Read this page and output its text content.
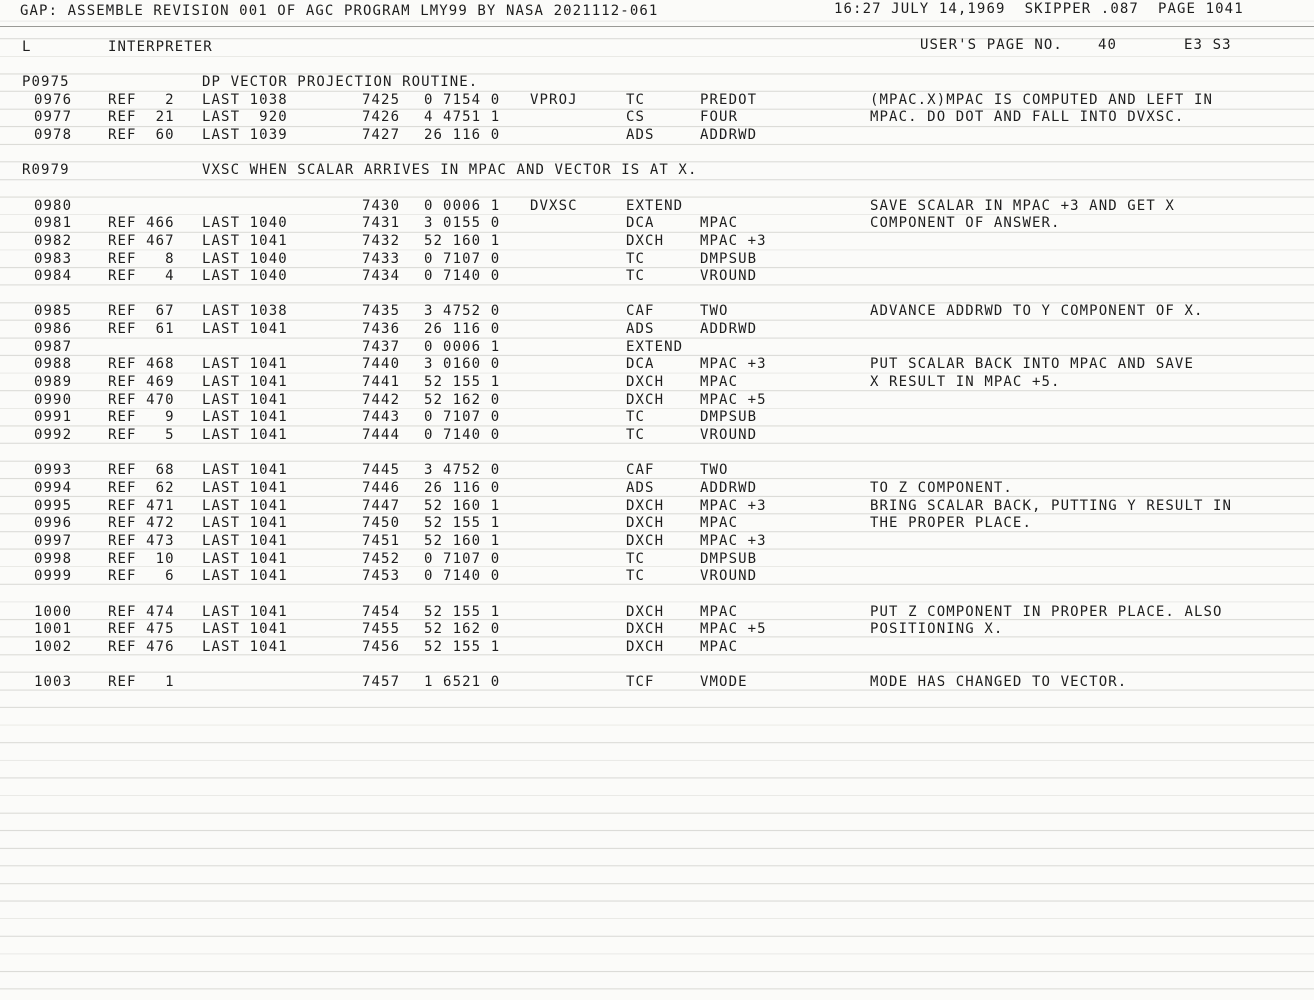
GAP: ASSEMBLE REVISION 001 OF AGC PROGRAM LMY99 BY NASA 2021112-061	16:27 JULY 14,1969  SKIPPER .087  PAGE 1041
L	INTERPRETER	USER'S PAGE NO.	40	E3 S3
P0975	DP VECTOR PROJECTION ROUTINE.
0976	REF   2 LAST 1038	7425 0 7154 0 VPROJ	TC	PREDOT	(MPAC.X)MPAC IS COMPUTED AND LEFT IN
0977	REF  21 LAST  920	7426 4 4751 1	CS	FOUR	MPAC. DO DOT AND FALL INTO DVXSC.
0978	REF  60 LAST 1039	7427 26 116 0	ADS	ADDRWD
R0979	VXSC WHEN SCALAR ARRIVES IN MPAC AND VECTOR IS AT X.
0980	7430 0 0006 1 DVXSC	EXTEND	SAVE SCALAR IN MPAC +3 AND GET X
0981	REF 466 LAST 1040	7431 3 0155 0	DCA	MPAC	COMPONENT OF ANSWER.
0982	REF 467 LAST 1041	7432 52 160 1	DXCH	MPAC +3
0983	REF   8 LAST 1040	7433 0 7107 0	TC	DMPSUB
0984	REF   4 LAST 1040	7434 0 7140 0	TC	VROUND
0985	REF  67 LAST 1038	7435 3 4752 0	CAF	TWO	ADVANCE ADDRWD TO Y COMPONENT OF X.
0986	REF  61 LAST 1041	7436 26 116 0	ADS	ADDRWD
0987	7437 0 0006 1	EXTEND
0988	REF 468 LAST 1041	7440 3 0160 0	DCA	MPAC +3	PUT SCALAR BACK INTO MPAC AND SAVE
0989	REF 469 LAST 1041	7441 52 155 1	DXCH	MPAC	X RESULT IN MPAC +5.
0990	REF 470 LAST 1041	7442 52 162 0	DXCH	MPAC +5
0991	REF   9 LAST 1041	7443 0 7107 0	TC	DMPSUB
0992	REF   5 LAST 1041	7444 0 7140 0	TC	VROUND
0993	REF  68 LAST 1041	7445 3 4752 0	CAF	TWO
0994	REF  62 LAST 1041	7446 26 116 0	ADS	ADDRWD	TO Z COMPONENT.
0995	REF 471 LAST 1041	7447 52 160 1	DXCH	MPAC +3	BRING SCALAR BACK, PUTTING Y RESULT IN
0996	REF 472 LAST 1041	7450 52 155 1	DXCH	MPAC	THE PROPER PLACE.
0997	REF 473 LAST 1041	7451 52 160 1	DXCH	MPAC +3
0998	REF  10 LAST 1041	7452 0 7107 0	TC	DMPSUB
0999	REF   6 LAST 1041	7453 0 7140 0	TC	VROUND
1000	REF 474 LAST 1041	7454 52 155 1	DXCH	MPAC	PUT Z COMPONENT IN PROPER PLACE. ALSO
1001	REF 475 LAST 1041	7455 52 162 0	DXCH	MPAC +5	POSITIONING X.
1002	REF 476 LAST 1041	7456 52 155 1	DXCH	MPAC
1003	REF   1	7457 1 6521 0	TCF	VMODE	MODE HAS CHANGED TO VECTOR.
